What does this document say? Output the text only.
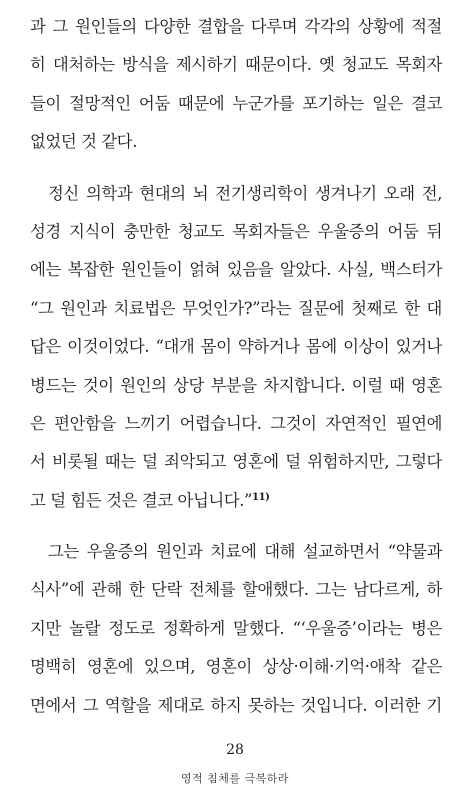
과 그 원인들의 다양한 결합을 다루며 각각의 상황에 적절
히 대처하는 방식을 제시하기 때문이다. 옛 청교도 목회자
들이 절망적인 어둠 때문에 누군가를 포기하는 일은 결코
없었던 것 같다.
정신 의학과 현대의 뇌 전기생리학이 생겨나기 오래 전,
성경 지식이 충만한 청교도 목회자들은 우울증의 어둠 뒤
에는 복잡한 원인들이 얽혀 있음을 알았다. 사실, 백스터가
“그 원인과 치료법은 무엇인가?”라는 질문에 첫째로 한 대
답은 이것이었다. “대개 몸이 약하거나 몸에 이상이 있거나
병드는 것이 원인의 상당 부분을 차지합니다. 이럴 때 영혼
은 편안함을 느끼기 어렵습니다. 그것이 자연적인 필연에
서 비롯될 때는 덜 죄악되고 영혼에 덜 위험하지만, 그렇다
고 덜 힘든 것은 결코 아닙니다.”$^{11)}$
그는 우울증의 원인과 치료에 대해 설교하면서 “약물과
식사”에 관해 한 단락 전체를 할애했다. 그는 남다르게, 하
지만 놀랄 정도로 정확하게 말했다. “‘우울증’이라는 병은
명백히 영혼에 있으며, 영혼이 상상·이해·기억·애착 같은
면에서 그 역할을 제대로 하지 못하는 것입니다. 이러한 기
28
영적 침체를 극복하라
